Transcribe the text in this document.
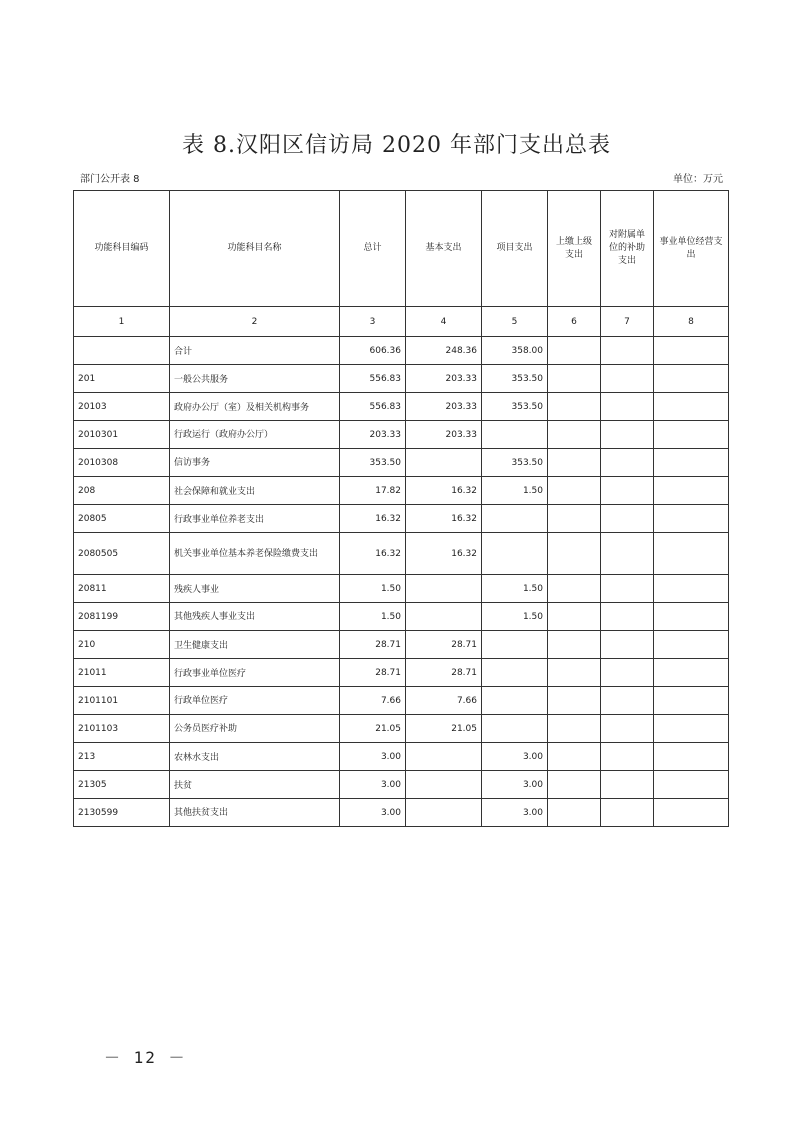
表 8.汉阳区信访局 2020 年部门支出总表
部门公开表 8	单位：万元
功能科目编码	功能科目名称	总计	基本支出	项目支出	上缴上级支出	对附属单位的补助支出	事业单位经营支出
1	2	3	4	5	6	7	8
	合计	606.36	248.36	358.00			
201	一般公共服务	556.83	203.33	353.50			
20103	政府办公厅（室）及相关机构事务	556.83	203.33	353.50			
2010301	行政运行（政府办公厅）	203.33	203.33				
2010308	信访事务	353.50		353.50			
208	社会保障和就业支出	17.82	16.32	1.50			
20805	行政事业单位养老支出	16.32	16.32				
2080505	机关事业单位基本养老保险缴费支出	16.32	16.32				
20811	残疾人事业	1.50		1.50			
2081199	其他残疾人事业支出	1.50		1.50			
210	卫生健康支出	28.71	28.71				
21011	行政事业单位医疗	28.71	28.71				
2101101	行政单位医疗	7.66	7.66				
2101103	公务员医疗补助	21.05	21.05				
213	农林水支出	3.00		3.00			
21305	扶贫	3.00		3.00			
2130599	其他扶贫支出	3.00		3.00			
－ 12 －
